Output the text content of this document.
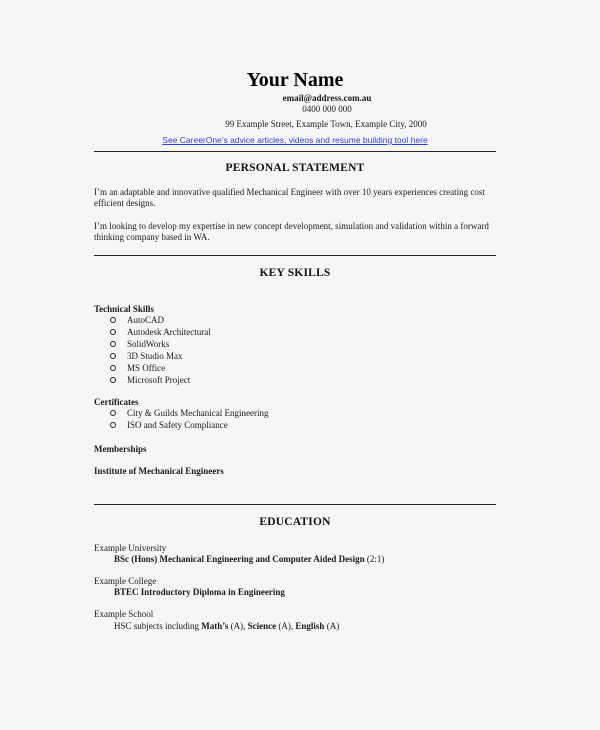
Your Name
email@address.com.au
0400 000 000
99 Example Street, Example Town, Example City, 2000
See CareerOne’s advice articles, videos and resume building tool here
PERSONAL STATEMENT
I’m an adaptable and innovative qualified Mechanical Engineer with over 10 years experiences creating cost efficient designs.
I’m looking to develop my expertise in new concept development, simulation and validation within a forward thinking company based in WA.
KEY SKILLS
Technical Skills
AutoCAD
Autodesk Architectural
SolidWorks
3D Studio Max
MS Office
Microsoft Project
Certificates
City & Guilds Mechanical Engineering
ISO and Safety Compliance
Memberships
Institute of Mechanical Engineers
EDUCATION
Example University
BSc (Hons) Mechanical Engineering and Computer Aided Design (2:1)
Example College
BTEC Introductory Diploma in Engineering
Example School
HSC subjects including Math’s (A), Science (A), English (A)
